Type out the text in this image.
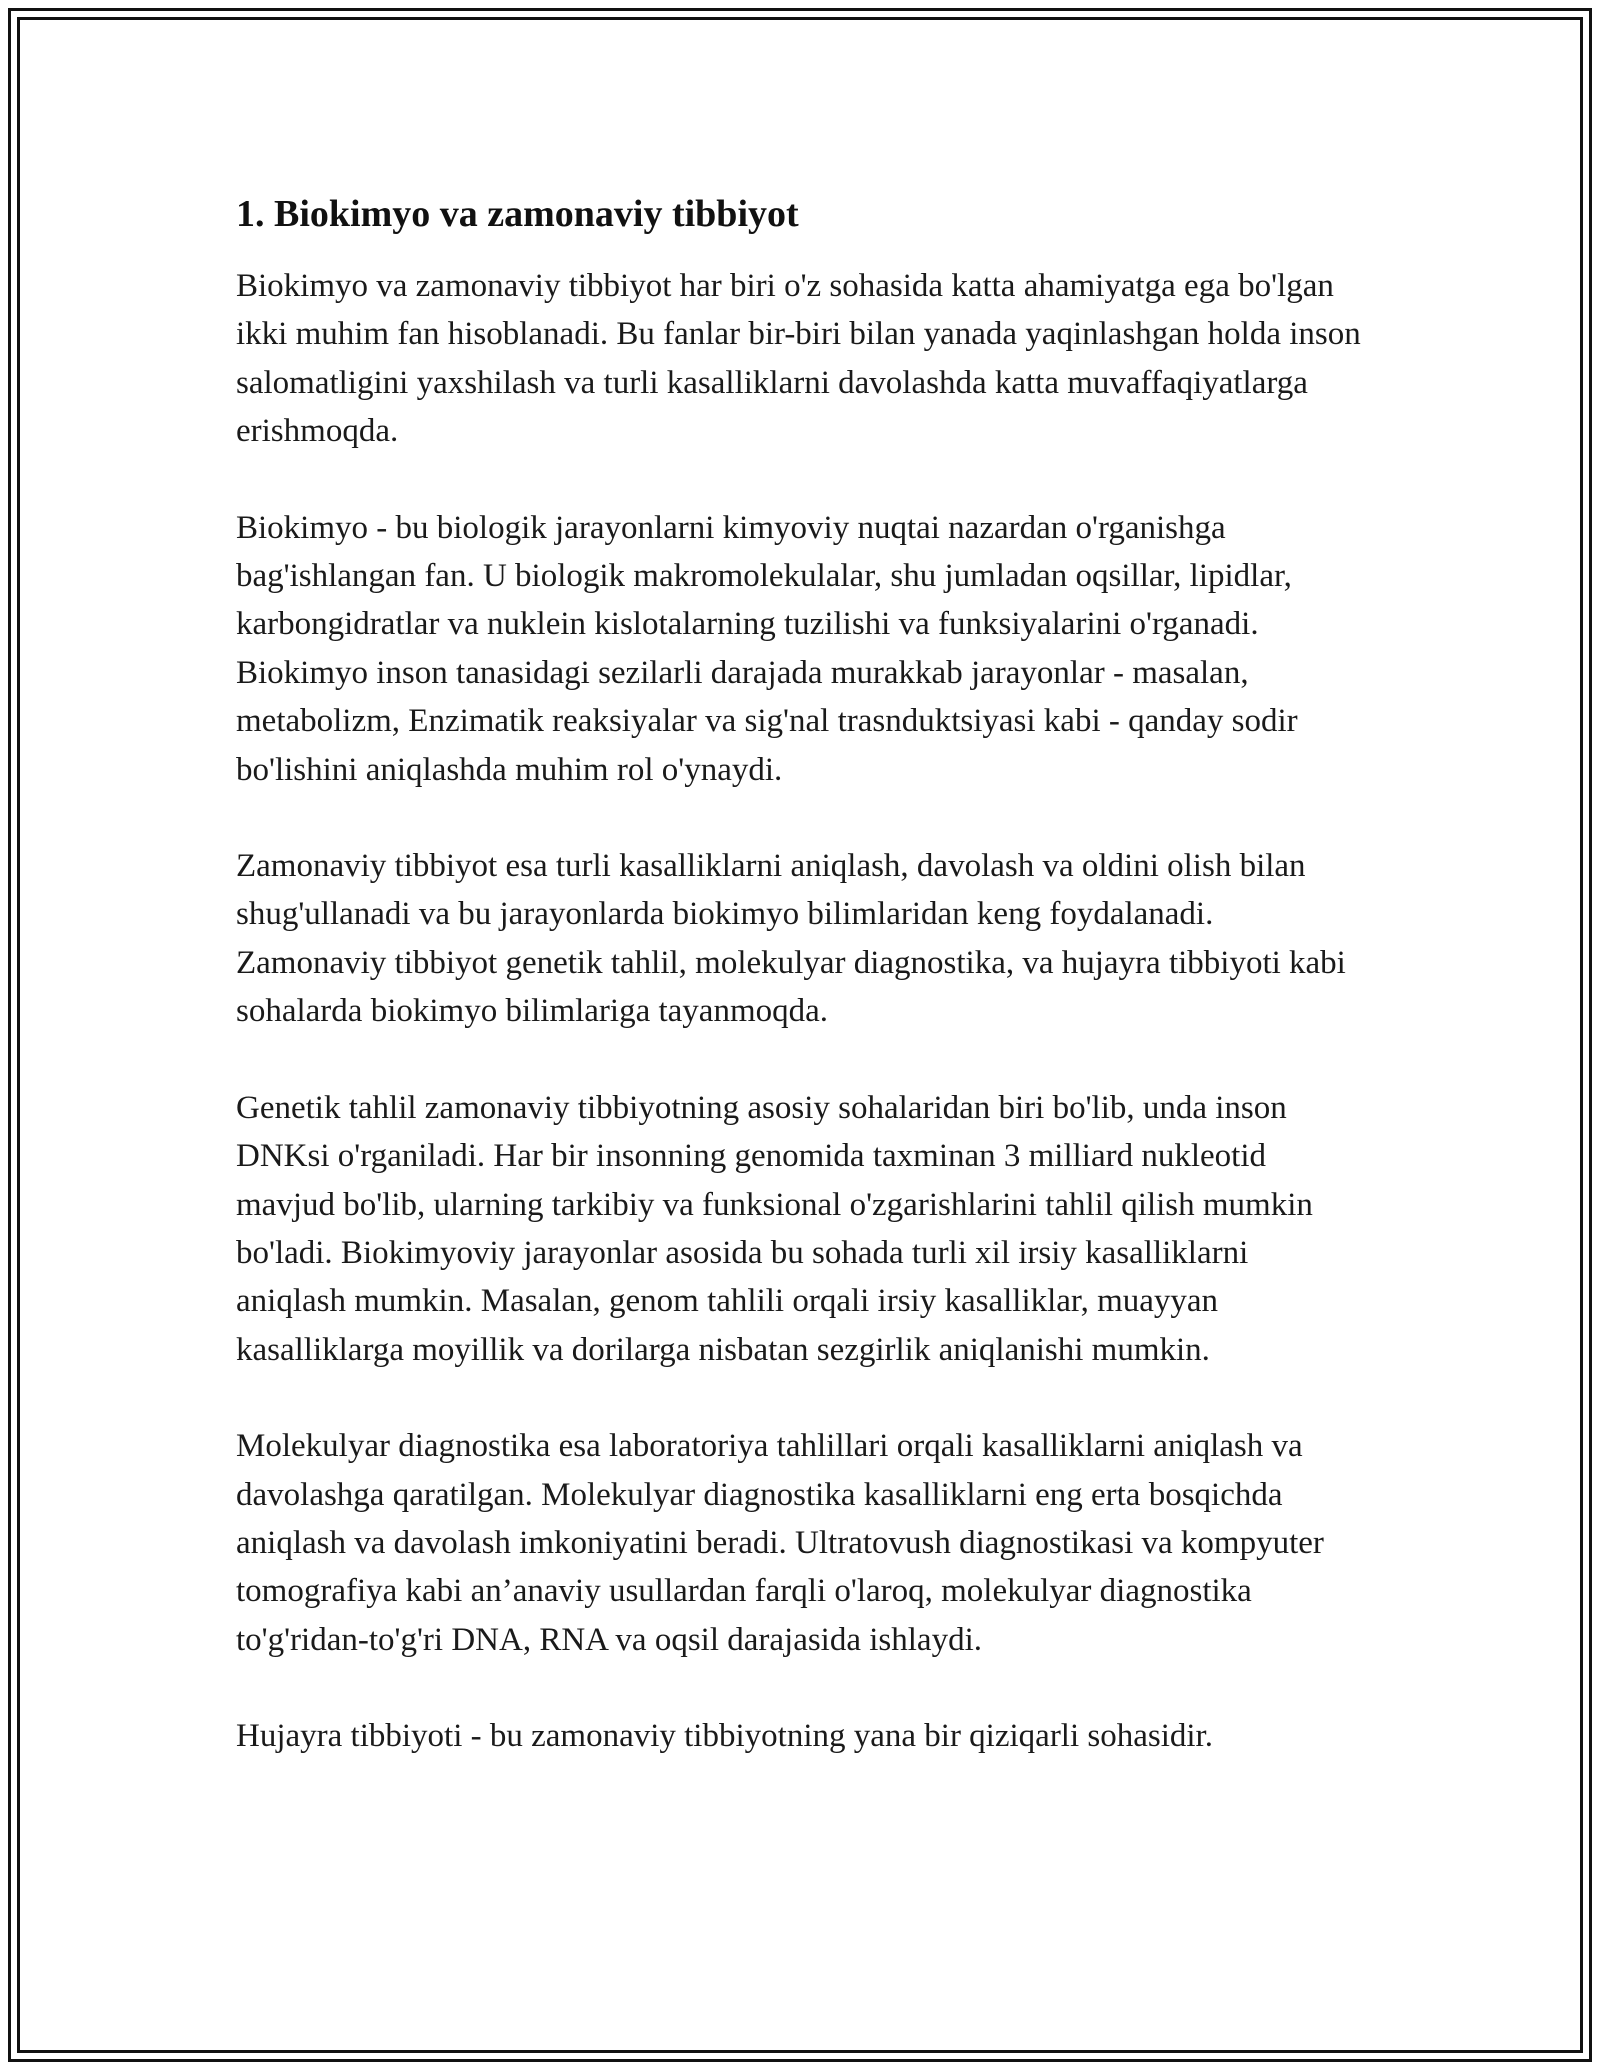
1. Biokimyo va zamonaviy tibbiyot

Biokimyo va zamonaviy tibbiyot har biri o'z sohasida katta ahamiyatga ega bo'lgan ikki muhim fan hisoblanadi. Bu fanlar bir-biri bilan yanada yaqinlashgan holda inson salomatligini yaxshilash va turli kasalliklarni davolashda katta muvaffaqiyatlarga erishmoqda.

Biokimyo - bu biologik jarayonlarni kimyoviy nuqtai nazardan o'rganishga bag'ishlangan fan. U biologik makromolekulalar, shu jumladan oqsillar, lipidlar, karbongidratlar va nuklein kislotalarning tuzilishi va funksiyalarini o'rganadi. Biokimyo inson tanasidagi sezilarli darajada murakkab jarayonlar - masalan, metabolizm, Enzimatik reaksiyalar va sig'nal trasnduktsiyasi kabi - qanday sodir bo'lishini aniqlashda muhim rol o'ynaydi.

Zamonaviy tibbiyot esa turli kasalliklarni aniqlash, davolash va oldini olish bilan shug'ullanadi va bu jarayonlarda biokimyo bilimlaridan keng foydalanadi. Zamonaviy tibbiyot genetik tahlil, molekulyar diagnostika, va hujayra tibbiyoti kabi sohalarda biokimyo bilimlariga tayanmoqda.

Genetik tahlil zamonaviy tibbiyotning asosiy sohalaridan biri bo'lib, unda inson DNKsi o'rganiladi. Har bir insonning genomida taxminan 3 milliard nukleotid mavjud bo'lib, ularning tarkibiy va funksional o'zgarishlarini tahlil qilish mumkin bo'ladi. Biokimyoviy jarayonlar asosida bu sohada turli xil irsiy kasalliklarni aniqlash mumkin. Masalan, genom tahlili orqali irsiy kasalliklar, muayyan kasalliklarga moyillik va dorilarga nisbatan sezgirlik aniqlanishi mumkin.

Molekulyar diagnostika esa laboratoriya tahlillari orqali kasalliklarni aniqlash va davolashga qaratilgan. Molekulyar diagnostika kasalliklarni eng erta bosqichda aniqlash va davolash imkoniyatini beradi. Ultratovush diagnostikasi va kompyuter tomografiya kabi an’anaviy usullardan farqli o'laroq, molekulyar diagnostika to'g'ridan-to'g'ri DNA, RNA va oqsil darajasida ishlaydi.

Hujayra tibbiyoti - bu zamonaviy tibbiyotning yana bir qiziqarli sohasidir.
